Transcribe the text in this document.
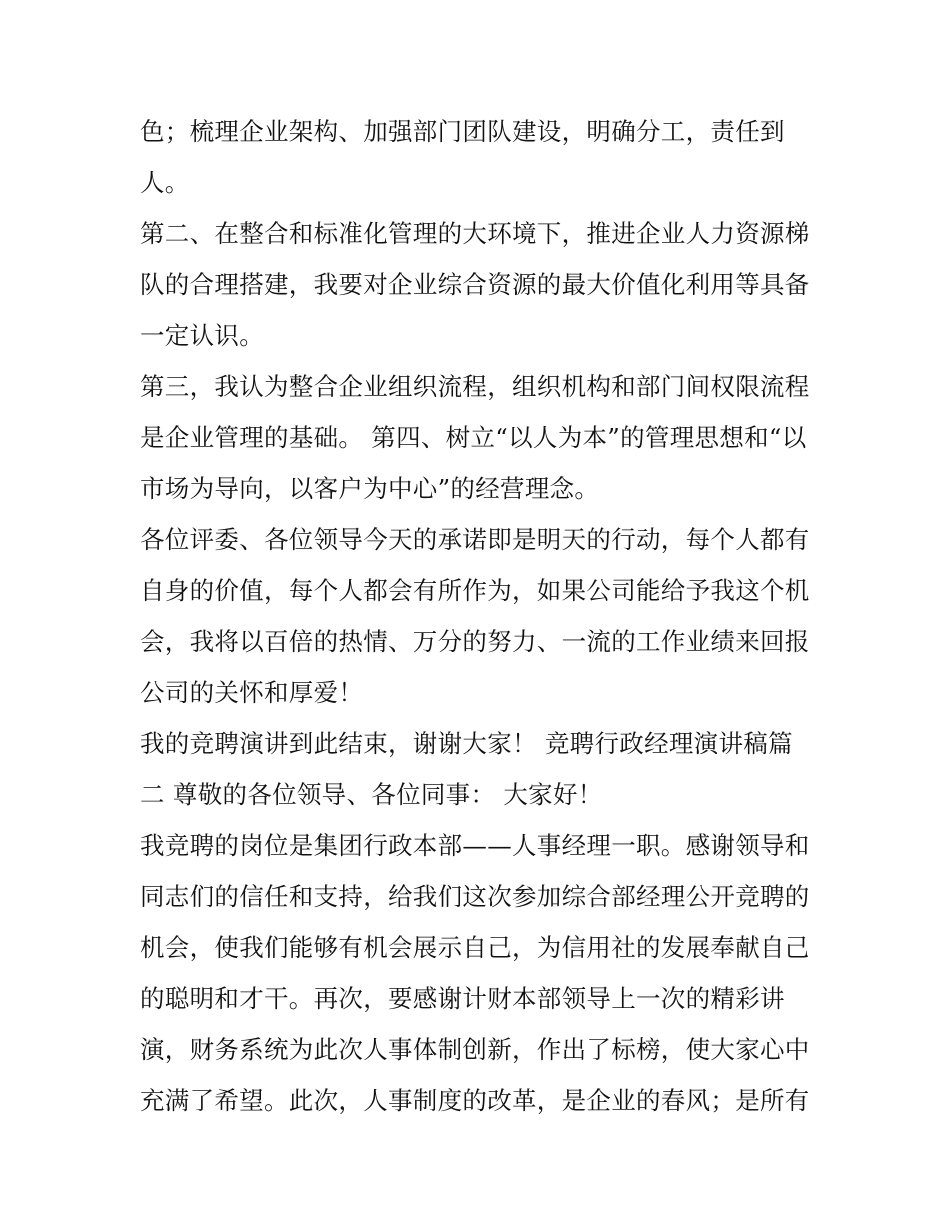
色；梳理企业架构、加强部门团队建设，明确分工，责任到
人。
第二、在整合和标准化管理的大环境下，推进企业人力资源梯
队的合理搭建，我要对企业综合资源的最大价值化利用等具备
一定认识。
第三，我认为整合企业组织流程，组织机构和部门间权限流程
是企业管理的基础。 第四、树立“以人为本”的管理思想和“以
市场为导向，以客户为中心”的经营理念。
各位评委、各位领导今天的承诺即是明天的行动，每个人都有
自身的价值，每个人都会有所作为，如果公司能给予我这个机
会，我将以百倍的热情、万分的努力、一流的工作业绩来回报
公司的关怀和厚爱！
我的竞聘演讲到此结束，谢谢大家！ 竞聘行政经理演讲稿篇
二 尊敬的各位领导、各位同事： 大家好！
我竞聘的岗位是集团行政本部——人事经理一职。感谢领导和
同志们的信任和支持，给我们这次参加综合部经理公开竞聘的
机会，使我们能够有机会展示自己，为信用社的发展奉献自己
的聪明和才干。再次，要感谢计财本部领导上一次的精彩讲
演，财务系统为此次人事体制创新，作出了标榜，使大家心中
充满了希望。此次，人事制度的改革，是企业的春风；是所有
